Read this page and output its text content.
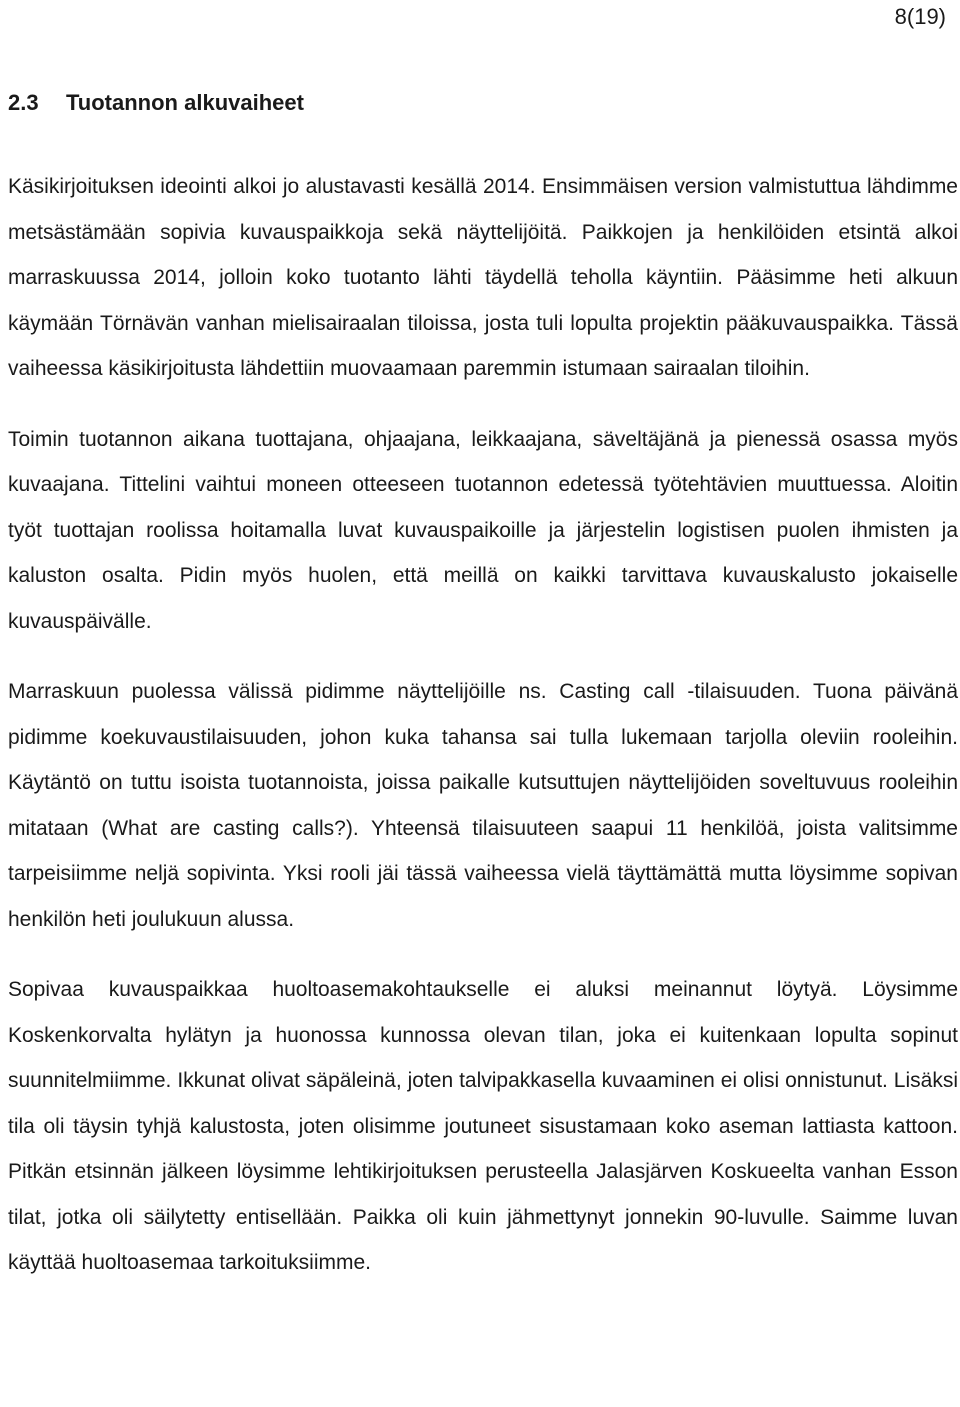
8(19)
2.3 Tuotannon alkuvaiheet

Käsikirjoituksen ideointi alkoi jo alustavasti kesällä 2014. Ensimmäisen version valmistuttua lähdimme metsästämään sopivia kuvauspaikkoja sekä näyttelijöitä. Paikkojen ja henkilöiden etsintä alkoi marraskuussa 2014, jolloin koko tuotanto lähti täydellä teholla käyntiin. Pääsimme heti alkuun käymään Törnävän vanhan mielisairaalan tiloissa, josta tuli lopulta projektin pääkuvauspaikka. Tässä vaiheessa käsikirjoitusta lähdettiin muovaamaan paremmin istumaan sairaalan tiloihin.

Toimin tuotannon aikana tuottajana, ohjaajana, leikkaajana, säveltäjänä ja pienessä osassa myös kuvaajana. Tittelini vaihtui moneen otteeseen tuotannon edetessä työtehtävien muuttuessa. Aloitin työt tuottajan roolissa hoitamalla luvat kuvauspaikoille ja järjestelin logistisen puolen ihmisten ja kaluston osalta. Pidin myös huolen, että meillä on kaikki tarvittava kuvauskalusto jokaiselle kuvauspäivälle.

Marraskuun puolessa välissä pidimme näyttelijöille ns. Casting call -tilaisuuden. Tuona päivänä pidimme koekuvaustilaisuuden, johon kuka tahansa sai tulla lukemaan tarjolla oleviin rooleihin. Käytäntö on tuttu isoista tuotannoista, joissa paikalle kutsuttujen näyttelijöiden soveltuvuus rooleihin mitataan (What are casting calls?). Yhteensä tilaisuuteen saapui 11 henkilöä, joista valitsimme tarpeisiimme neljä sopivinta. Yksi rooli jäi tässä vaiheessa vielä täyttämättä mutta löysimme sopivan henkilön heti joulukuun alussa.

Sopivaa kuvauspaikkaa huoltoasemakohtaukselle ei aluksi meinannut löytyä. Löysimme Koskenkorvalta hylätyn ja huonossa kunnossa olevan tilan, joka ei kuitenkaan lopulta sopinut suunnitelmiimme. Ikkunat olivat säpäleinä, joten talvipakkasella kuvaaminen ei olisi onnistunut. Lisäksi tila oli täysin tyhjä kalustosta, joten olisimme joutuneet sisustamaan koko aseman lattiasta kattoon. Pitkän etsinnän jälkeen löysimme lehtikirjoituksen perusteella Jalasjärven Koskueelta vanhan Esson tilat, jotka oli säilytetty entisellään. Paikka oli kuin jähmettynyt jonnekin 90-luvulle. Saimme luvan käyttää huoltoasemaa tarkoituksiimme.
